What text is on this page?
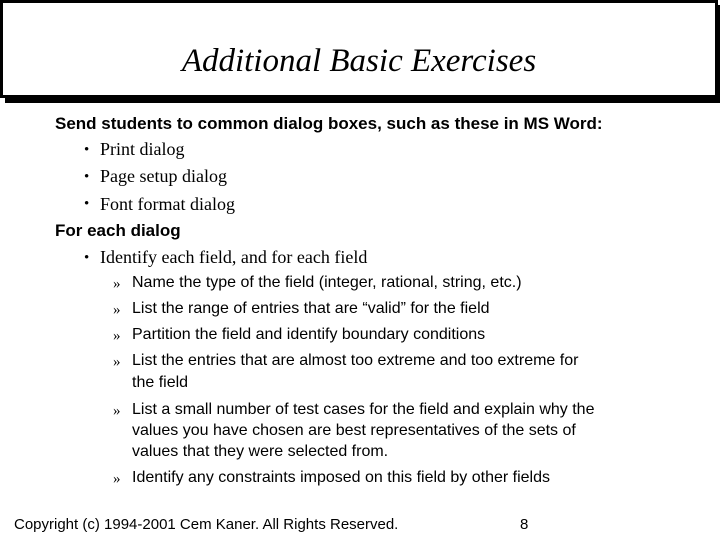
Additional Basic Exercises
Send students to common dialog boxes, such as these in MS Word:
• Print dialog
• Page setup dialog
• Font format dialog
For each dialog
• Identify each field, and for each field
» Name the type of the field (integer, rational, string, etc.)
» List the range of entries that are “valid” for the field
» Partition the field and identify boundary conditions
» List the entries that are almost too extreme and too extreme for
the field
» List a small number of test cases for the field and explain why the
values you have chosen are best representatives of the sets of
values that they were selected from.
» Identify any constraints imposed on this field by other fields
Copyright (c) 1994-2001 Cem Kaner. All Rights Reserved.	8
